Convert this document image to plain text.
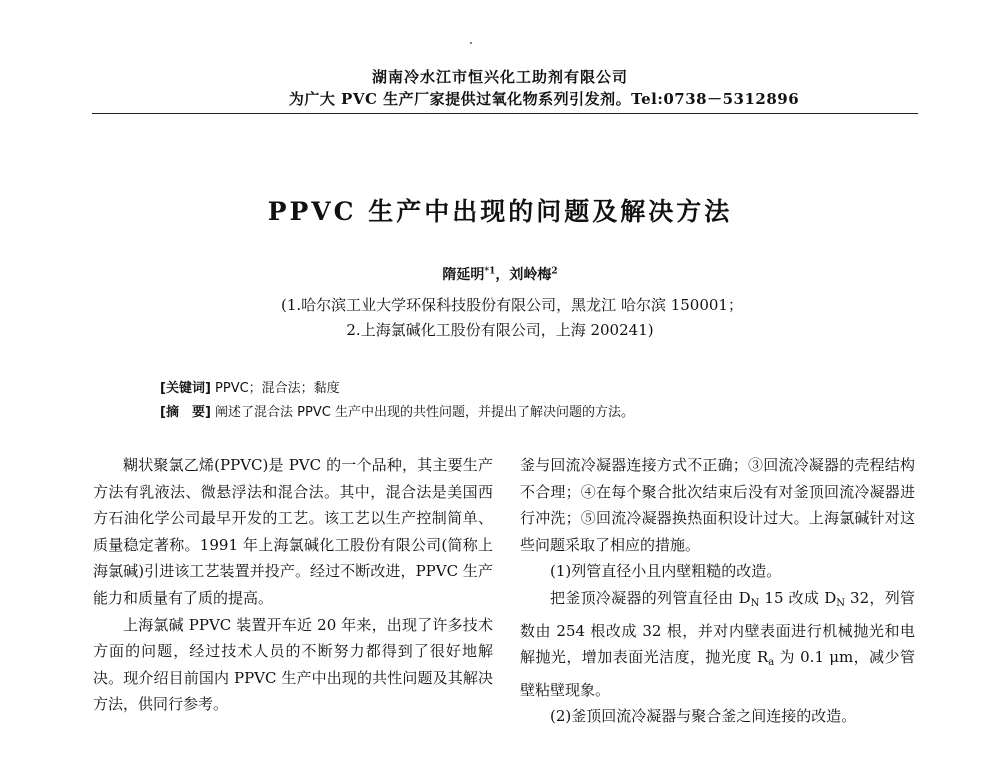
湖南冷水江市恒兴化工助剂有限公司
为广大 PVC 生产厂家提供过氧化物系列引发剂。Tel:0738－5312896
PPVC 生产中出现的问题及解决方法
隋延明$^{*1}$，刘岭梅$^2$
(1.哈尔滨工业大学环保科技股份有限公司，黑龙江 哈尔滨 150001；
2.上海氯碱化工股份有限公司，上海 200241)
[关键词] PPVC；混合法；黏度
[摘　要] 阐述了混合法 PPVC 生产中出现的共性问题，并提出了解决问题的方法。

糊状聚氯乙烯(PPVC)是 PVC 的一个品种，其主要生产方法有乳液法、微悬浮法和混合法。其中，混合法是美国西方石油化学公司最早开发的工艺。该工艺以生产控制简单、质量稳定著称。1991 年上海氯碱化工股份有限公司(简称上海氯碱)引进该工艺装置并投产。经过不断改进，PPVC 生产能力和质量有了质的提高。

上海氯碱 PPVC 装置开车近 20 年来，出现了许多技术方面的问题，经过技术人员的不断努力都得到了很好地解决。现介绍目前国内 PPVC 生产中出现的共性问题及其解决方法，供同行参考。

釜与回流冷凝器连接方式不正确；③回流冷凝器的壳程结构不合理；④在每个聚合批次结束后没有对釜顶回流冷凝器进行冲洗；⑤回流冷凝器换热面积设计过大。上海氯碱针对这些问题采取了相应的措施。

(1)列管直径小且内壁粗糙的改造。

把釜顶冷凝器的列管直径由 $D_N$ 15 改成 $D_N$ 32，列管数由 254 根改成 32 根，并对内壁表面进行机械抛光和电解抛光，增加表面光洁度，抛光度 $R_a$ 为 0.1 μm，减少管壁粘壁现象。

(2)釜顶回流冷凝器与聚合釜之间连接的改造。
